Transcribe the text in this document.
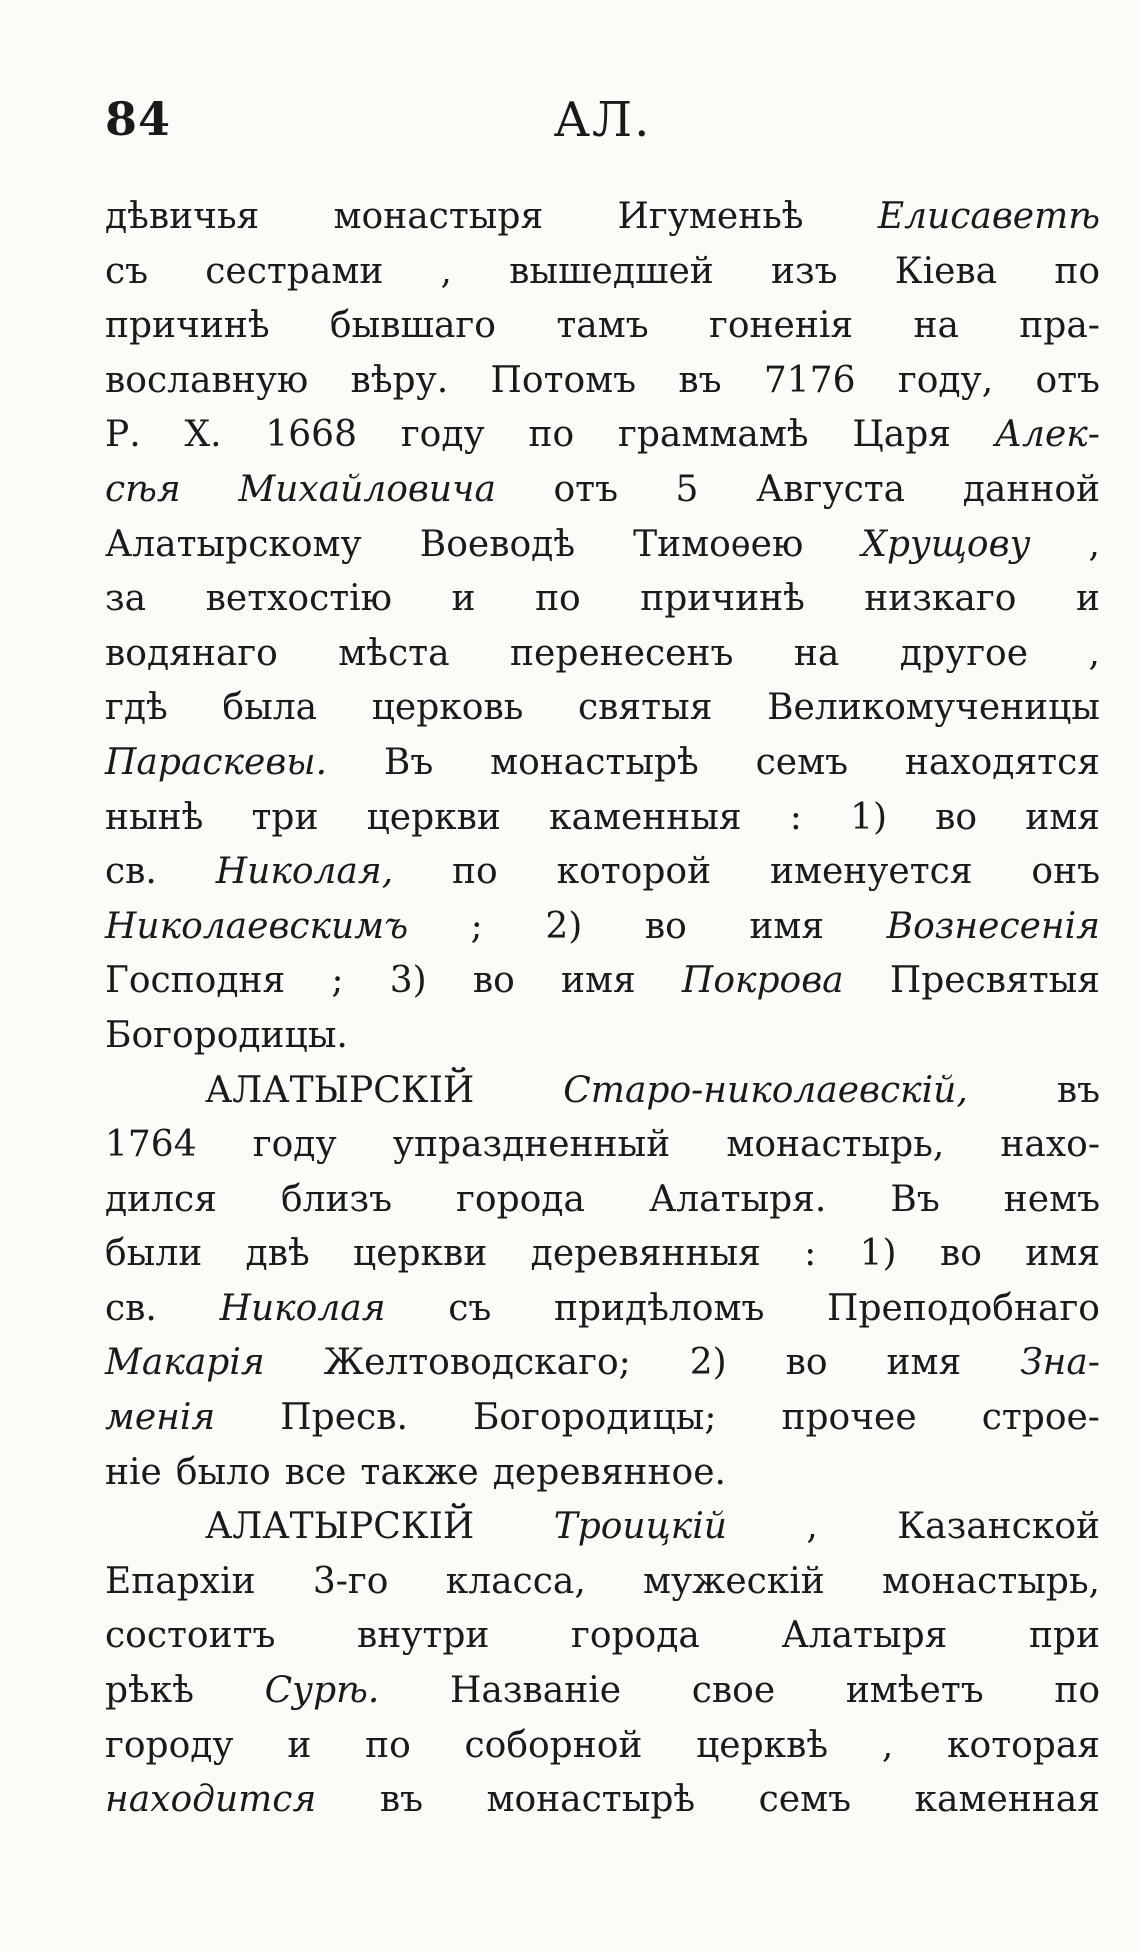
84	АЛ.
дѣвичья монастыря Игуменьѣ Елисаветѣ
съ сестрами , вышедшей изъ Кіева по
причинѣ бывшаго тамъ гоненія на пра-
вославную вѣру. Потомъ въ 7176 году, отъ
Р. Х. 1668 году по граммамѣ Царя Алек-
сѣя Михайловича отъ 5 Августа данной
Алатырскому Воеводѣ Тимоѳею Хрущову ,
за ветхостію и по причинѣ низкаго и
водянаго мѣста перенесенъ на другое ,
гдѣ была церковь святыя Великомученицы
Параскевы. Въ монастырѣ семъ находятся
нынѣ три церкви каменныя : 1) во имя
св. Николая, по которой именуется онъ
Николаевскимъ ; 2) во имя Вознесенія
Господня ; 3) во имя Покрова Пресвятыя
Богородицы.
АЛАТЫРСКІЙ Старо-николаевскій, въ
1764 году упраздненный монастырь, нахо-
дился близъ города Алатыря. Въ немъ
были двѣ церкви деревянныя : 1) во имя
св. Николая съ придѣломъ Преподобнаго
Макарія Желтоводскаго; 2) во имя Зна-
менія Пресв. Богородицы; прочее строе-
ніе было все также деревянное.
АЛАТЫРСКІЙ Троицкій , Казанской
Епархіи 3-го класса, мужескій монастырь,
состоитъ внутри города Алатыря при
рѣкѣ Сурѣ. Названіе свое имѣетъ по
городу и по соборной церквѣ , которая
находится въ монастырѣ семъ каменная
